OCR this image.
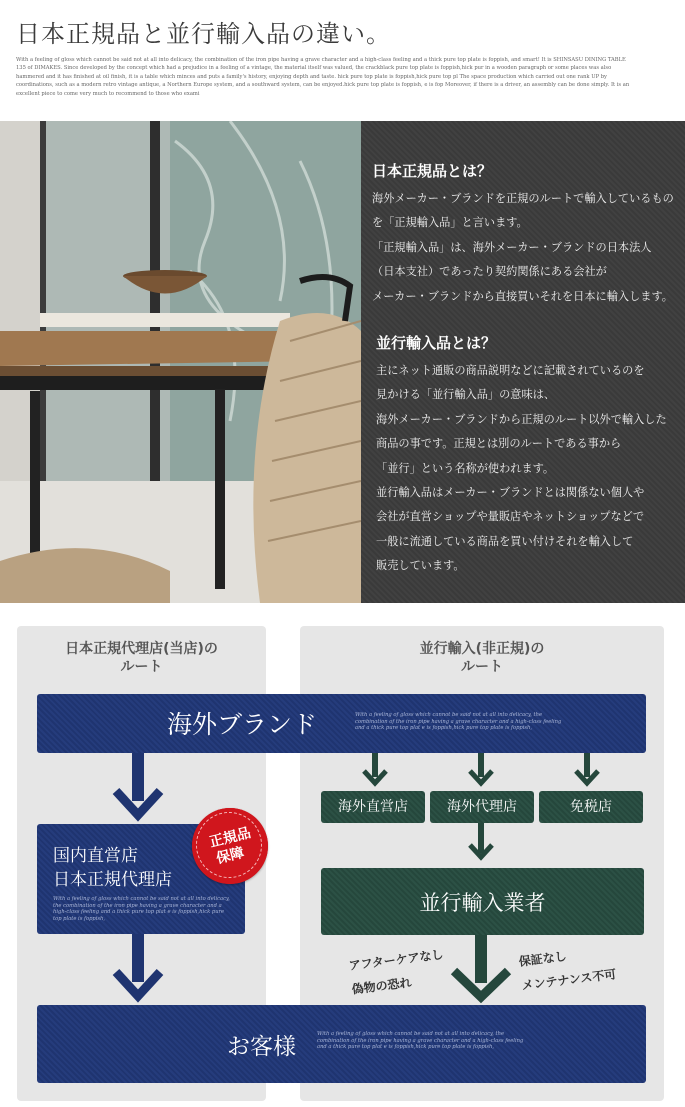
日本正規品と並行輸入品の違い。
With a feeling of gloss which cannot be said not at all into delicacy, the combination of the iron pipe having a grave character and a high-class feeling and a thick pure top plate is foppish, and smart! It is SHINSASU DINING TABLE 135 of DIMAKES. Since developed by the concept which had a prejudice in a feeling of a vintage, the material itself was valued, the crackblack pure top plate is foppish,hick pur in a wooden paragraph or some places was also hammered and it has finished at oil finish, it is a table which minces and puts a family's history, enjoying depth and taste. hick pure top plate is foppish,hick pure top pl The space production which carried out one rank UP by coordinations, such as a modern retro vintage antique, a Northern Europe system, and a southward system, can be enjoyed.hick pure top plate is foppish, e is fop Moreover, if there is a driver, an assembly can be done simply. It is an excellent piece to come very much to recommend to those who exami
日本正規品とは？

海外メーカー・ブランドを正規のルートで輸入しているもの
を「正規輸入品」と言います。
「正規輸入品」は、海外メーカー・ブランドの日本法人
（日本支社）であったり契約関係にある会社が
メーカー・ブランドから直接買いそれを日本に輸入します。

並行輸入品とは？

主にネット通販の商品説明などに記載されているのを
見かける「並行輸入品」の意味は、
海外メーカー・ブランドから正規のルート以外で輸入した
商品の事です。正規とは別のルートである事から
「並行」という名称が使われます。
並行輸入品はメーカー・ブランドとは関係ない個人や
会社が直営ショップや量販店やネットショップなどで
一般に流通している商品を買い付けそれを輸入して
販売しています。

日本正規代理店(当店)の
ルート
並行輸入(非正規)の
ルート
海外ブランド	With a feeling of gloss which cannot be said not at all into delicacy, the combination of the iron pipe having a grave character and a high-class feeling and a thick pure top plat e is foppish,hick pure top plate is foppish,
国内直営店
日本正規代理店
With a feeling of gloss which cannot be said not at all into delicacy, the combination of the iron pipe having a grave character and a high-class feeling and a thick pure top plat e is foppish,hick pure top plate is foppish,
正規品
保障
海外直営店	海外代理店	免税店
並行輸入業者
アフターケアなし
偽物の恐れ
保証なし
メンテナンス不可
お客様	With a feeling of gloss which cannot be said not at all into delicacy, the combination of the iron pipe having a grave character and a high-class feeling and a thick pure top plat e is foppish,hick pure top plate is foppish,
